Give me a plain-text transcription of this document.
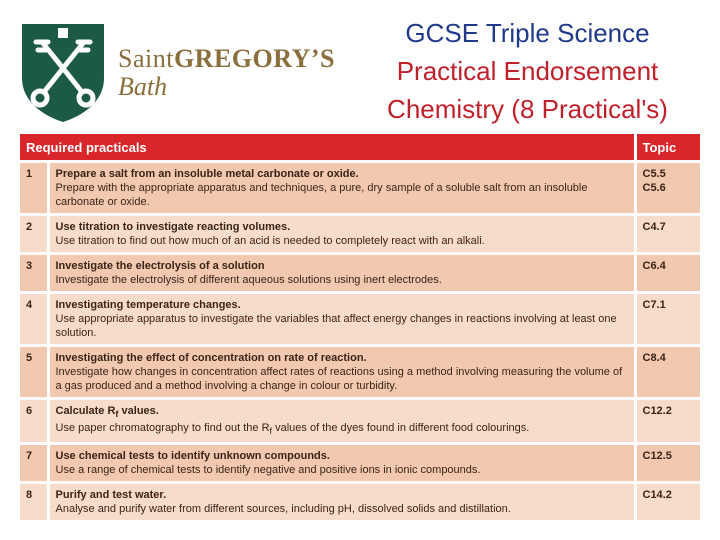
SaintGREGORY’S
Bath
GCSE Triple Science
Practical Endorsement
Chemistry (8 Practical's)
Required practicals		Topic
1	Prepare a salt from an insoluble metal carbonate or oxide.
Prepare with the appropriate apparatus and techniques, a pure, dry sample of a soluble salt from an insoluble carbonate or oxide.	C5.5
C5.6

2	Use titration to investigate reacting volumes.
Use titration to find out how much of an acid is needed to completely react with an alkali.	C4.7

3	Investigate the electrolysis of a solution
Investigate the electrolysis of different aqueous solutions using inert electrodes.	C6.4

4	Investigating temperature changes.
Use appropriate apparatus to investigate the variables that affect energy changes in reactions involving at least one solution.	C7.1

5	Investigating the effect of concentration on rate of reaction.
Investigate how changes in concentration affect rates of reactions using a method involving measuring the volume of a gas produced and a method involving a change in colour or turbidity.	C8.4

6	Calculate $R_f$ values.
Use paper chromatography to find out the $R_f$ values of the dyes found in different food colourings.	C12.2

7	Use chemical tests to identify unknown compounds.
Use a range of chemical tests to identify negative and positive ions in ionic compounds.	C12.5

8	Purify and test water.
Analyse and purify water from different sources, including pH, dissolved solids and distillation.	C14.2
